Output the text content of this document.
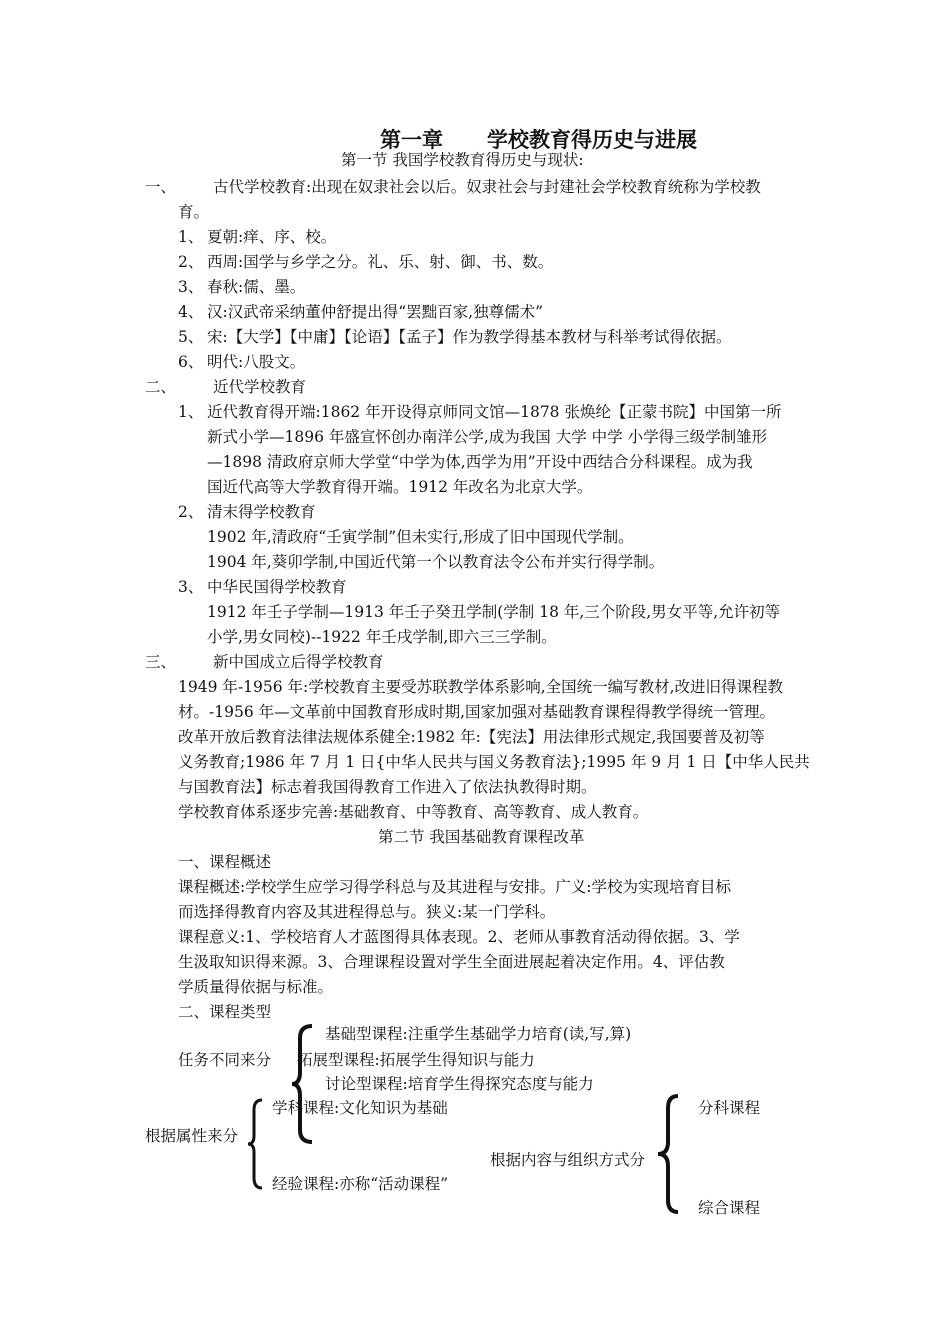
第一章 学校教育得历史与进展
第一节 我国学校教育得历史与现状:
一、 古代学校教育:出现在奴隶社会以后。奴隶社会与封建社会学校教育统称为学校教
育。
1、 夏朝:痒、序、校。
2、 西周:国学与乡学之分。礼、乐、射、御、书、数。
3、 春秋:儒、墨。
4、 汉:汉武帝采纳董仲舒提出得“罢黜百家,独尊儒术”
5、 宋:【大学】【中庸】【论语】【孟子】作为教学得基本教材与科举考试得依据。
6、 明代:八股文。
二、 近代学校教育
1、 近代教育得开端:1862 年开设得京师同文馆—1878 张焕纶【正蒙书院】中国第一所
新式小学—1896 年盛宣怀创办南洋公学,成为我国 大学 中学 小学得三级学制雏形
—1898 清政府京师大学堂“中学为体,西学为用”开设中西结合分科课程。成为我
国近代高等大学教育得开端。1912 年改名为北京大学。
2、 清末得学校教育
1902 年,清政府“壬寅学制”但未实行,形成了旧中国现代学制。
1904 年,葵卯学制,中国近代第一个以教育法令公布并实行得学制。
3、 中华民国得学校教育
1912 年壬子学制—1913 年壬子癸丑学制(学制 18 年,三个阶段,男女平等,允许初等
小学,男女同校)--1922 年壬戌学制,即六三三学制。
三、 新中国成立后得学校教育
1949 年-1956 年:学校教育主要受苏联教学体系影响,全国统一编写教材,改进旧得课程教
材。-1956 年—文革前中国教育形成时期,国家加强对基础教育课程得教学得统一管理。
改革开放后教育法律法规体系健全:1982 年:【宪法】用法律形式规定,我国要普及初等
义务教育;1986 年 7 月 1 日{中华人民共与国义务教育法};1995 年 9 月 1 日【中华人民共
与国教育法】标志着我国得教育工作进入了依法执教得时期。
学校教育体系逐步完善:基础教育、中等教育、高等教育、成人教育。
第二节 我国基础教育课程改革
一、课程概述
课程概述:学校学生应学习得学科总与及其进程与安排。广义:学校为实现培育目标
而选择得教育内容及其进程得总与。狭义:某一门学科。
课程意义:1、学校培育人才蓝图得具体表现。2、老师从事教育活动得依据。3、学
生汲取知识得来源。3、合理课程设置对学生全面进展起着决定作用。4、评估教
学质量得依据与标准。
二、课程类型
基础型课程:注重学生基础学力培育(读,写,算)
任务不同来分 拓展型课程:拓展学生得知识与能力
讨论型课程:培育学生得探究态度与能力
学科课程:文化知识为基础
根据属性来分
根据内容与组织方式分
经验课程:亦称“活动课程”
分科课程
综合课程
